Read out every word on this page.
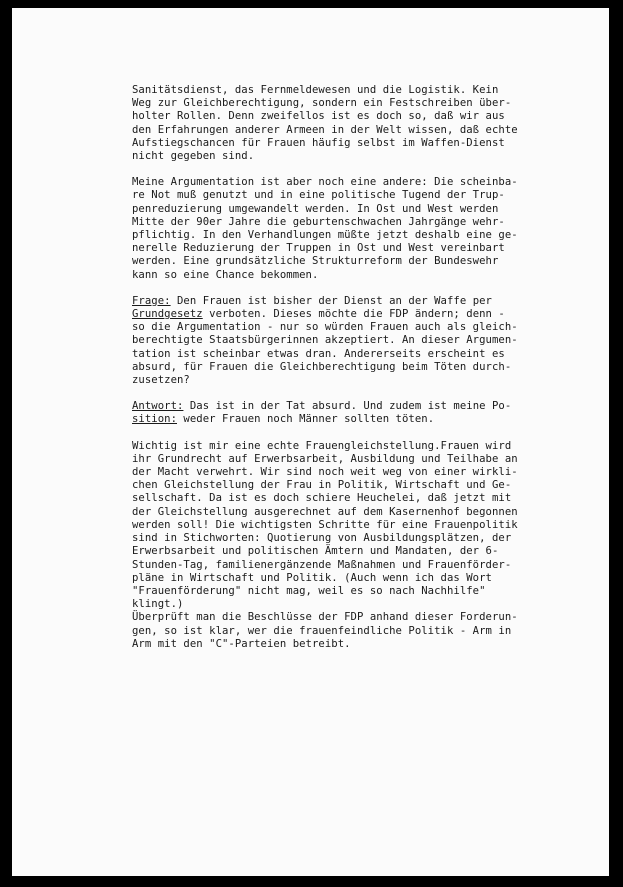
Sanitätsdienst, das Fernmeldewesen und die Logistik. Kein
Weg zur Gleichberechtigung, sondern ein Festschreiben über-
holter Rollen. Denn zweifellos ist es doch so, daß wir aus
den Erfahrungen anderer Armeen in der Welt wissen, daß echte
Aufstiegschancen für Frauen häufig selbst im Waffen-Dienst
nicht gegeben sind.
Meine Argumentation ist aber noch eine andere: Die scheinba-
re Not muß genutzt und in eine politische Tugend der Trup-
penreduzierung umgewandelt werden. In Ost und West werden
Mitte der 90er Jahre die geburtenschwachen Jahrgänge wehr-
pflichtig. In den Verhandlungen müßte jetzt deshalb eine ge-
nerelle Reduzierung der Truppen in Ost und West vereinbart
werden. Eine grundsätzliche Strukturreform der Bundeswehr
kann so eine Chance bekommen.
Frage: Den Frauen ist bisher der Dienst an der Waffe per
Grundgesetz verboten. Dieses möchte die FDP ändern; denn -
so die Argumentation - nur so würden Frauen auch als gleich-
berechtigte Staatsbürgerinnen akzeptiert. An dieser Argumen-
tation ist scheinbar etwas dran. Andererseits erscheint es
absurd, für Frauen die Gleichberechtigung beim Töten durch-
zusetzen?
Antwort: Das ist in der Tat absurd. Und zudem ist meine Po-
sition: weder Frauen noch Männer sollten töten.
Wichtig ist mir eine echte Frauengleichstellung.Frauen wird
ihr Grundrecht auf Erwerbsarbeit, Ausbildung und Teilhabe an
der Macht verwehrt. Wir sind noch weit weg von einer wirkli-
chen Gleichstellung der Frau in Politik, Wirtschaft und Ge-
sellschaft. Da ist es doch schiere Heuchelei, daß jetzt mit
der Gleichstellung ausgerechnet auf dem Kasernenhof begonnen
werden soll! Die wichtigsten Schritte für eine Frauenpolitik
sind in Stichworten: Quotierung von Ausbildungsplätzen, der
Erwerbsarbeit und politischen Ämtern und Mandaten, der 6-
Stunden-Tag, familienergänzende Maßnahmen und Frauenförder-
pläne in Wirtschaft und Politik. (Auch wenn ich das Wort
"Frauenförderung" nicht mag, weil es so nach Nachhilfe"
klingt.)
Überprüft man die Beschlüsse der FDP anhand dieser Forderun-
gen, so ist klar, wer die frauenfeindliche Politik - Arm in
Arm mit den "C"-Parteien betreibt.
